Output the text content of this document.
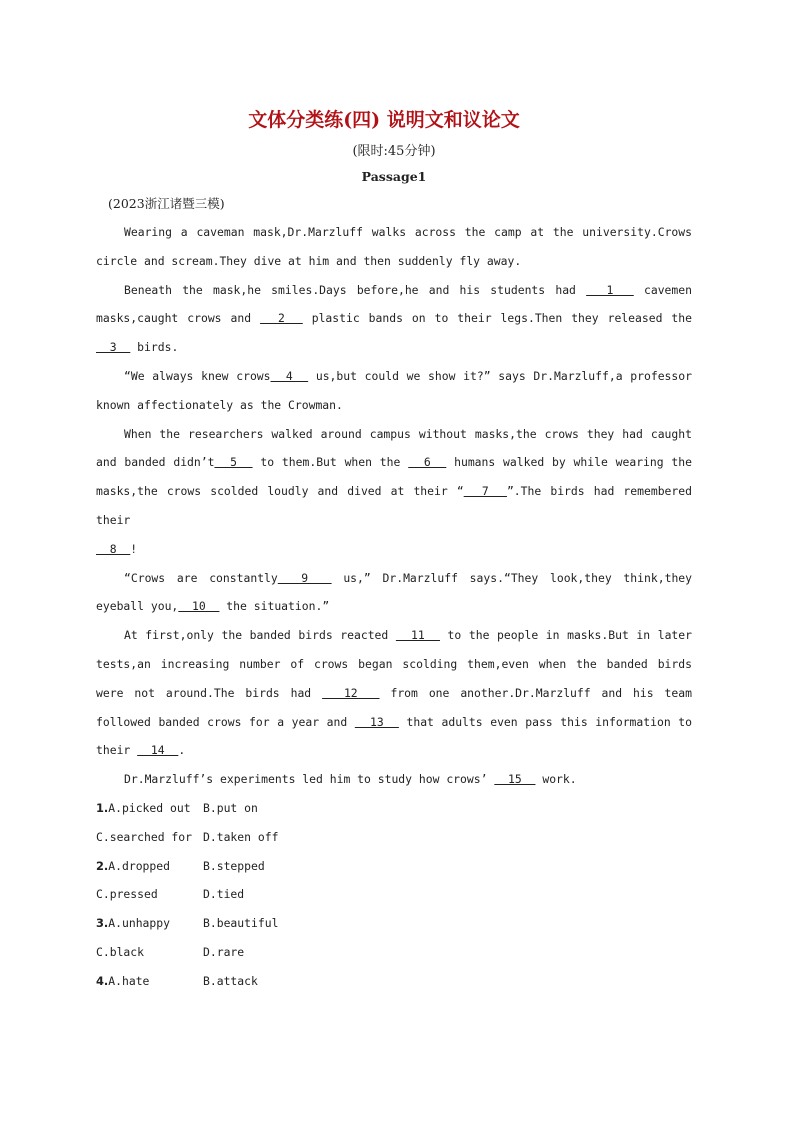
文体分类练(四) 说明文和议论文
(限时:45分钟)
Passage1
(2023浙江诸暨三模)

Wearing a caveman mask,Dr.Marzluff walks across the camp at the university.Crows circle and scream.They dive at him and then suddenly fly away.

Beneath the mask,he smiles.Days before,he and his students had   1   cavemen masks,caught crows and   2   plastic bands on to their legs.Then they released the   3   birds.

“We always knew crows  4   us,but could we show it?” says Dr.Marzluff,a professor known affectionately as the Crowman.

When the researchers walked around campus without masks,the crows they had caught and banded didn’t  5   to them.But when the   6   humans walked by while wearing the masks,the crows scolded loudly and dived at their “  7  ”.The birds had remembered their

8  !

“Crows are constantly  9   us,” Dr.Marzluff says.“They look,they think,they eyeball you,  10   the situation.”

At first,only the banded birds reacted   11   to the people in masks.But in later tests,an increasing number of crows began scolding them,even when the banded birds were not around.The birds had   12   from one another.Dr.Marzluff and his team followed banded crows for a year and   13   that adults even pass this information to their   14  .

Dr.Marzluff’s experiments led him to study how crows’   15   work.

1.A.picked out	B.put on
C.searched for D.taken off
2.A.dropped	B.stepped
C.pressed	D.tied
3.A.unhappy	B.beautiful
C.black	D.rare
4.A.hate	B.attack
